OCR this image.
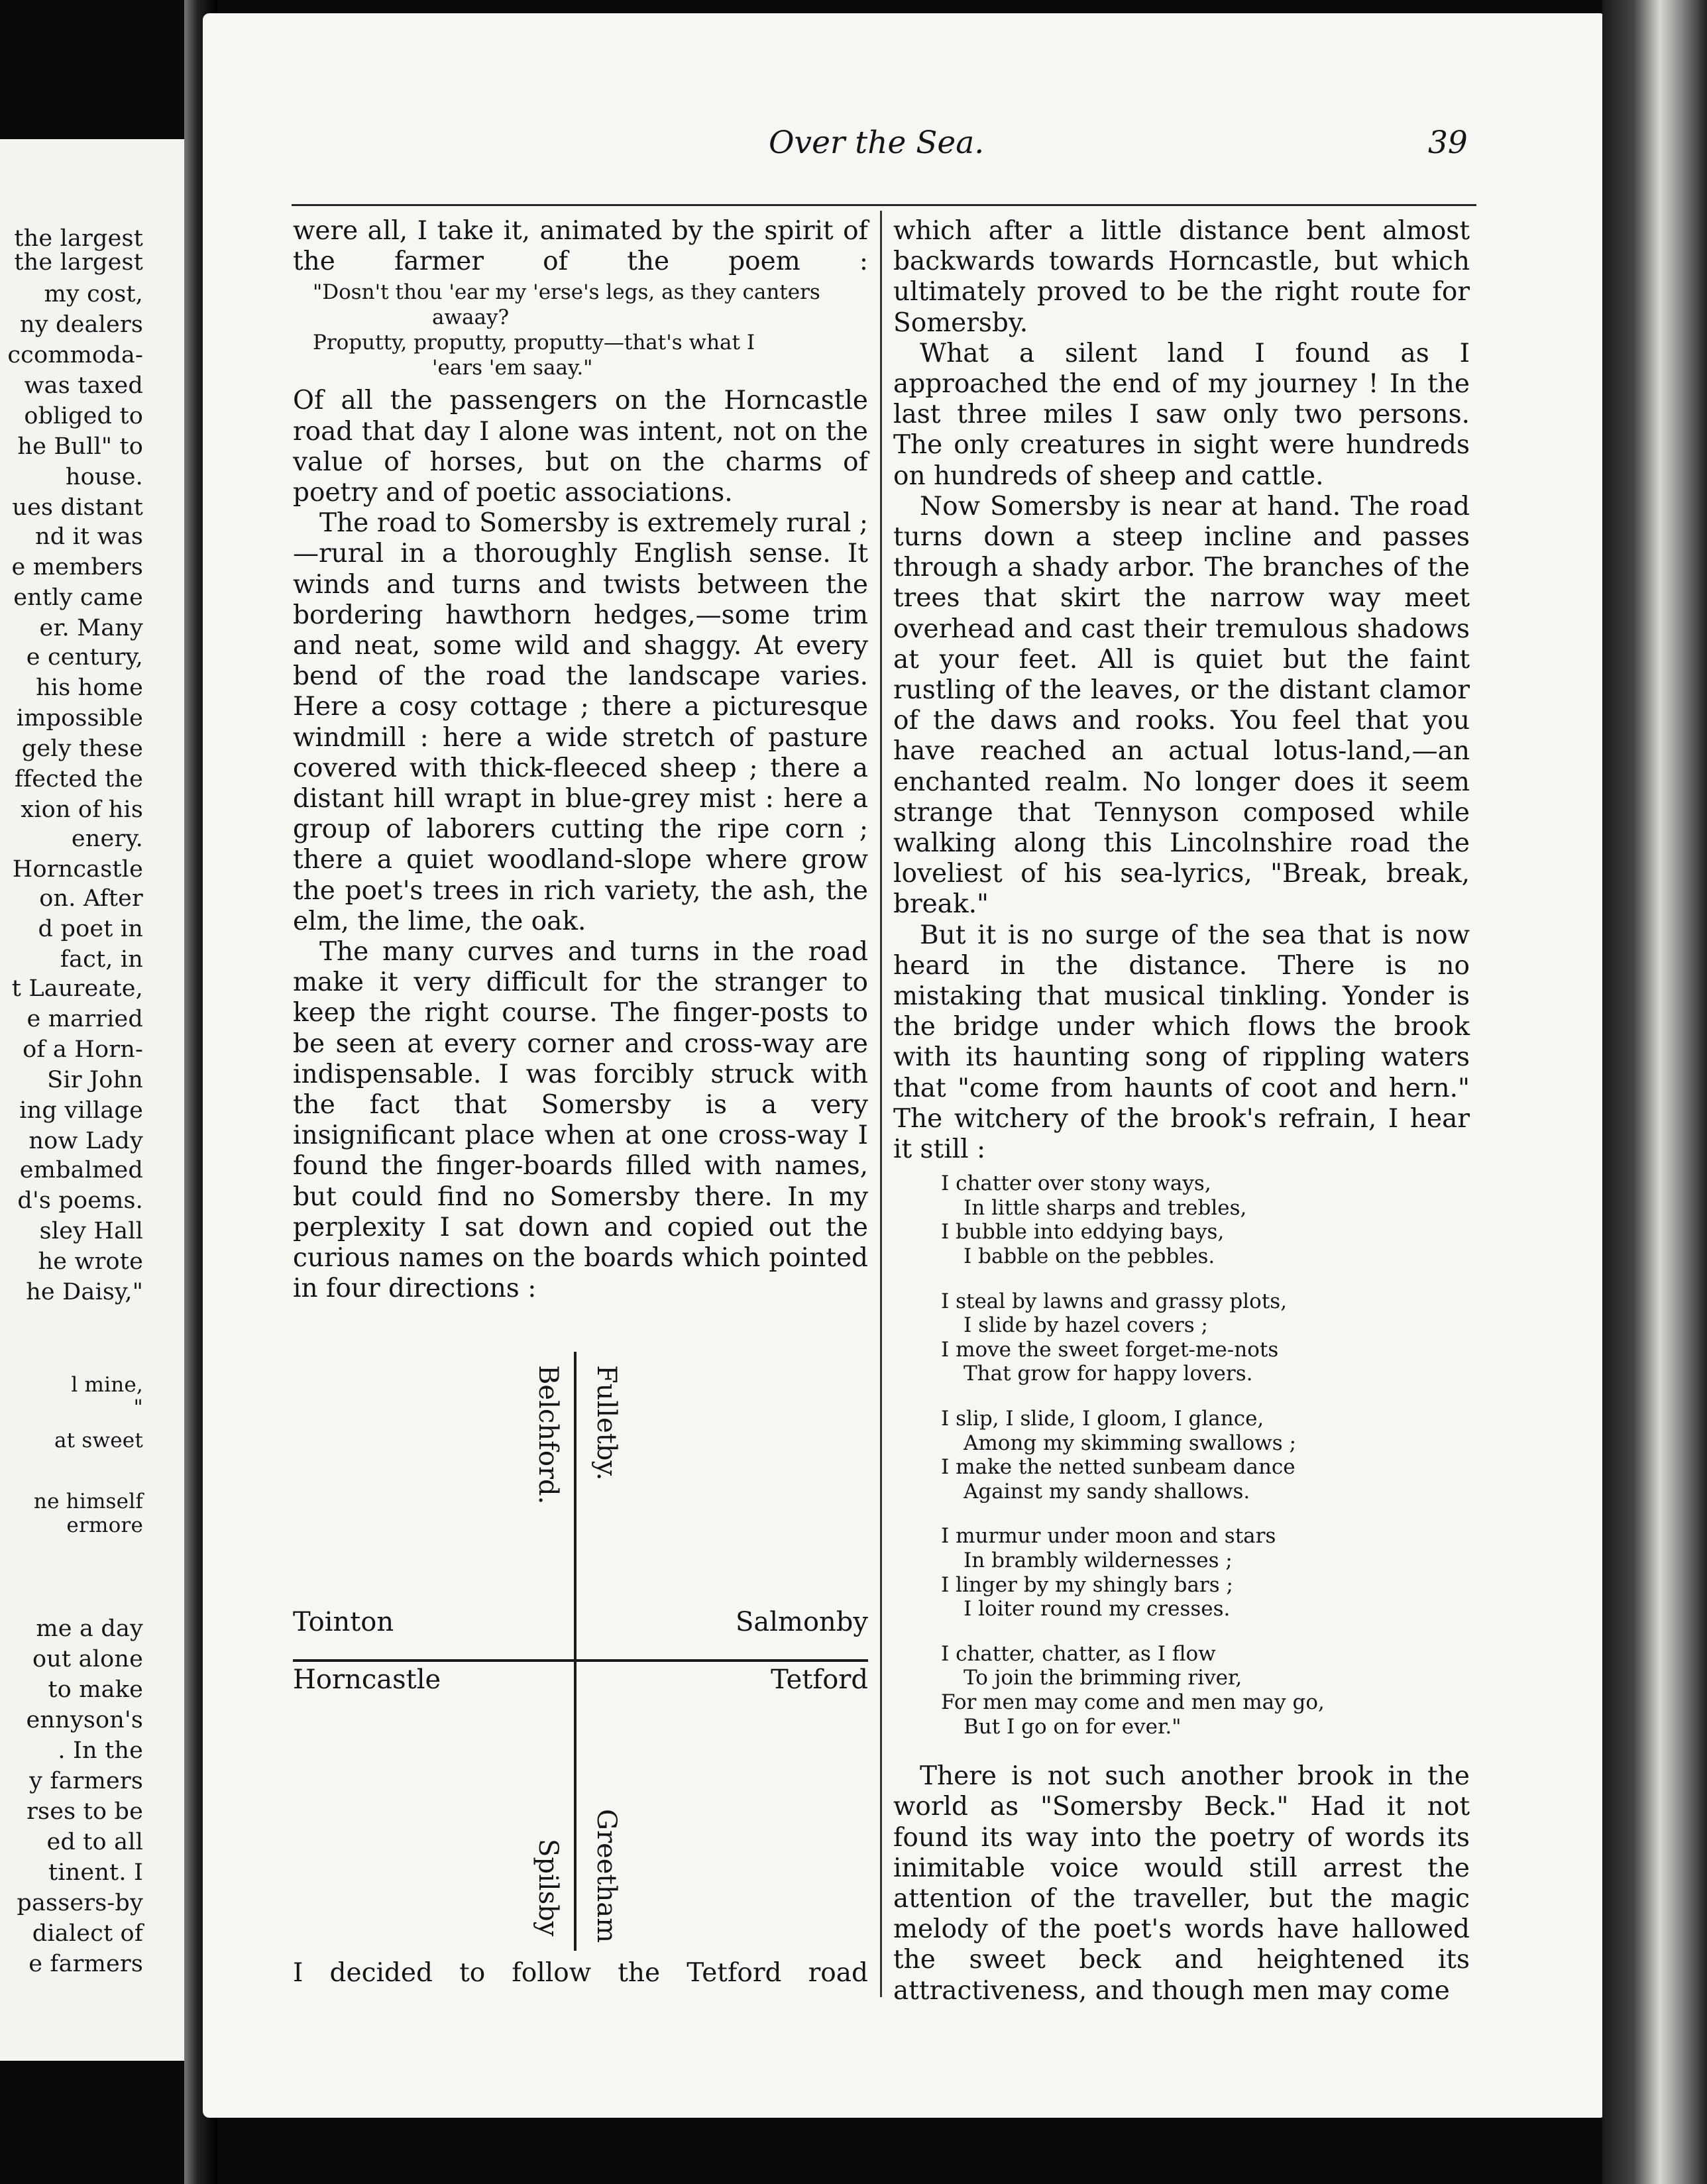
the largest
the largest
my cost,
ny dealers
ccommoda-
was taxed
obliged to
he Bull" to
house.
ues distant
nd it was
e members
ently came
er. Many
e century,
his home
impossible
gely these
ffected the
xion of his
enery.
Horncastle
on. After
d poet in
fact, in
t Laureate,
e married
of a Horn-
Sir John
ing village
now Lady
embalmed
d's poems.
sley Hall
he wrote
he Daisy,"
l mine,
"
at sweet
ne himself
ermore
me a day
out alone
to make
ennyson's
. In the
y farmers
rses to be
ed to all
tinent. I
passers-by
dialect of
e farmers
Over the Sea.	39

were all, I take it, animated by the spirit of the farmer of the poem :

"Dosn't thou 'ear my 'erse's legs, as they canters
awaay?
Proputty, proputty, proputty—that's what I
'ears 'em saay."

Of all the passengers on the Horncastle road that day I alone was intent, not on the value of horses, but on the charms of poetry and of poetic associations.

The road to Somersby is extremely rural ;—rural in a thoroughly English sense. It winds and turns and twists between the bordering hawthorn hedges,—some trim and neat, some wild and shaggy. At every bend of the road the landscape varies. Here a cosy cottage ; there a picturesque windmill : here a wide stretch of pasture covered with thick-fleeced sheep ; there a distant hill wrapt in blue-grey mist : here a group of laborers cutting the ripe corn ; there a quiet woodland-slope where grow the poet's trees in rich variety, the ash, the elm, the lime, the oak.

The many curves and turns in the road make it very difficult for the stranger to keep the right course. The finger-posts to be seen at every corner and cross-way are indispensable. I was forcibly struck with the fact that Somersby is a very insignificant place when at one cross-way I found the finger-boards filled with names, but could find no Somersby there. In my perplexity I sat down and copied out the curious names on the boards which pointed in four directions :

Belchford. Fulletby.
Tointon	Salmonby
Horncastle	Tetford
Spilsby Greetham
I decided to follow the Tetford road

which after a little distance bent almost backwards towards Horncastle, but which ultimately proved to be the right route for Somersby.

What a silent land I found as I approached the end of my journey ! In the last three miles I saw only two persons. The only creatures in sight were hundreds on hundreds of sheep and cattle.

Now Somersby is near at hand. The road turns down a steep incline and passes through a shady arbor. The branches of the trees that skirt the narrow way meet overhead and cast their tremulous shadows at your feet. All is quiet but the faint rustling of the leaves, or the distant clamor of the daws and rooks. You feel that you have reached an actual lotus-land,—an enchanted realm. No longer does it seem strange that Tennyson composed while walking along this Lincolnshire road the loveliest of his sea-lyrics, "Break, break, break."

But it is no surge of the sea that is now heard in the distance. There is no mistaking that musical tinkling. Yonder is the bridge under which flows the brook with its haunting song of rippling waters that "come from haunts of coot and hern." The witchery of the brook's refrain, I hear it still :

I chatter over stony ways,
In little sharps and trebles,
I bubble into eddying bays,
I babble on the pebbles.
I steal by lawns and grassy plots,
I slide by hazel covers ;
I move the sweet forget-me-nots
That grow for happy lovers.
I slip, I slide, I gloom, I glance,
Among my skimming swallows ;
I make the netted sunbeam dance
Against my sandy shallows.
I murmur under moon and stars
In brambly wildernesses ;
I linger by my shingly bars ;
I loiter round my cresses.
I chatter, chatter, as I flow
To join the brimming river,
For men may come and men may go,
But I go on for ever."

There is not such another brook in the world as "Somersby Beck." Had it not found its way into the poetry of words its inimitable voice would still arrest the attention of the traveller, but the magic melody of the poet's words have hallowed the sweet beck and heightened its attractiveness, and though men may come
